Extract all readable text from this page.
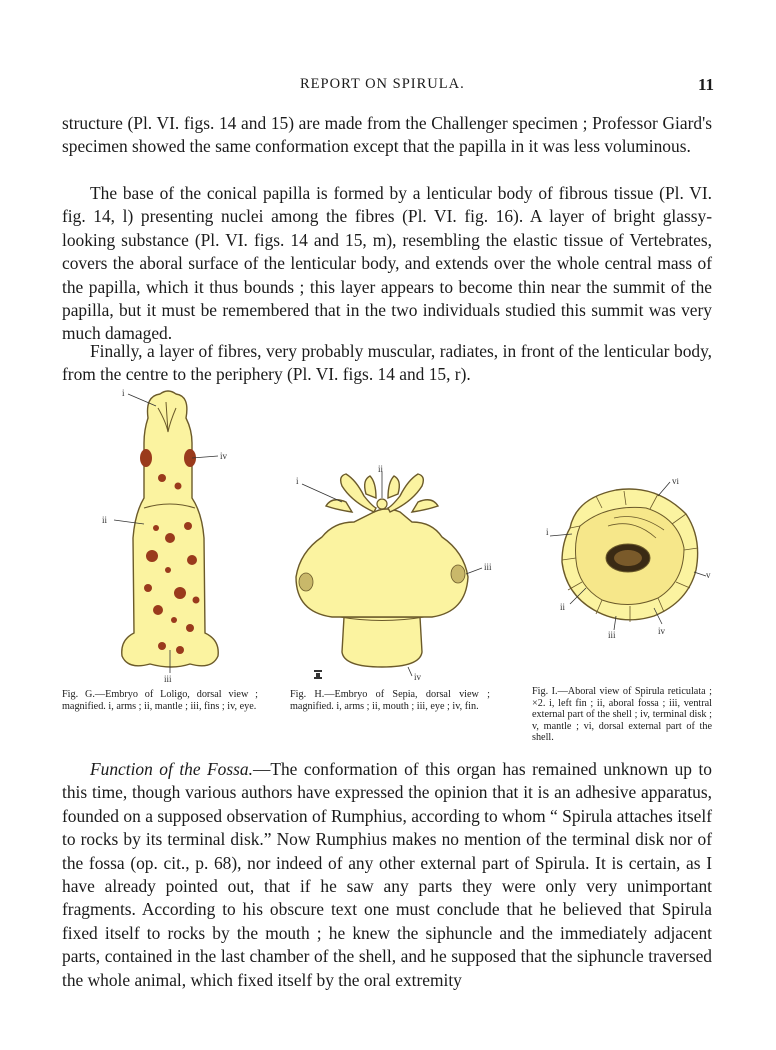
REPORT ON SPIRULA.	11

structure (Pl. VI. figs. 14 and 15) are made from the Challenger specimen ; Professor Giard's specimen showed the same conformation except that the papilla in it was less voluminous.

The base of the conical papilla is formed by a lenticular body of fibrous tissue (Pl. VI. fig. 14, l) presenting nuclei among the fibres (Pl. VI. fig. 16). A layer of bright glassy-looking substance (Pl. VI. figs. 14 and 15, m), resembling the elastic tissue of Vertebrates, covers the aboral surface of the lenticular body, and extends over the whole central mass of the papilla, which it thus bounds ; this layer appears to become thin near the summit of the papilla, but it must be remembered that in the two individuals studied this summit was very much damaged.

Finally, a layer of fibres, very probably muscular, radiates, in front of the lenticular body, from the centre to the periphery (Pl. VI. figs. 14 and 15, r).

i
iv
ii
iii
i
ii
iii
iv
vi
i
v
ii
iii	iv

Fig. G.—Embryo of Loligo, dorsal view ; magnified. i, arms ; ii, mantle ; iii, fins ; iv, eye.

Fig. H.—Embryo of Sepia, dorsal view ; magnified. i, arms ; ii, mouth ; iii, eye ; iv, fin.

Fig. I.—Aboral view of Spirula reticulata ; ×2. i, left fin ; ii, aboral fossa ; iii, ventral external part of the shell ; iv, terminal disk ; v, mantle ; vi, dorsal external part of the shell.

Function of the Fossa.—The conformation of this organ has remained unknown up to this time, though various authors have expressed the opinion that it is an adhesive apparatus, founded on a supposed observation of Rumphius, according to whom “ Spirula attaches itself to rocks by its terminal disk.” Now Rumphius makes no mention of the terminal disk nor of the fossa (op. cit., p. 68), nor indeed of any other external part of Spirula. It is certain, as I have already pointed out, that if he saw any parts they were only very unimportant fragments. According to his obscure text one must conclude that he believed that Spirula fixed itself to rocks by the mouth ; he knew the siphuncle and the immediately adjacent parts, contained in the last chamber of the shell, and he supposed that the siphuncle traversed the whole animal, which fixed itself by the oral extremity
